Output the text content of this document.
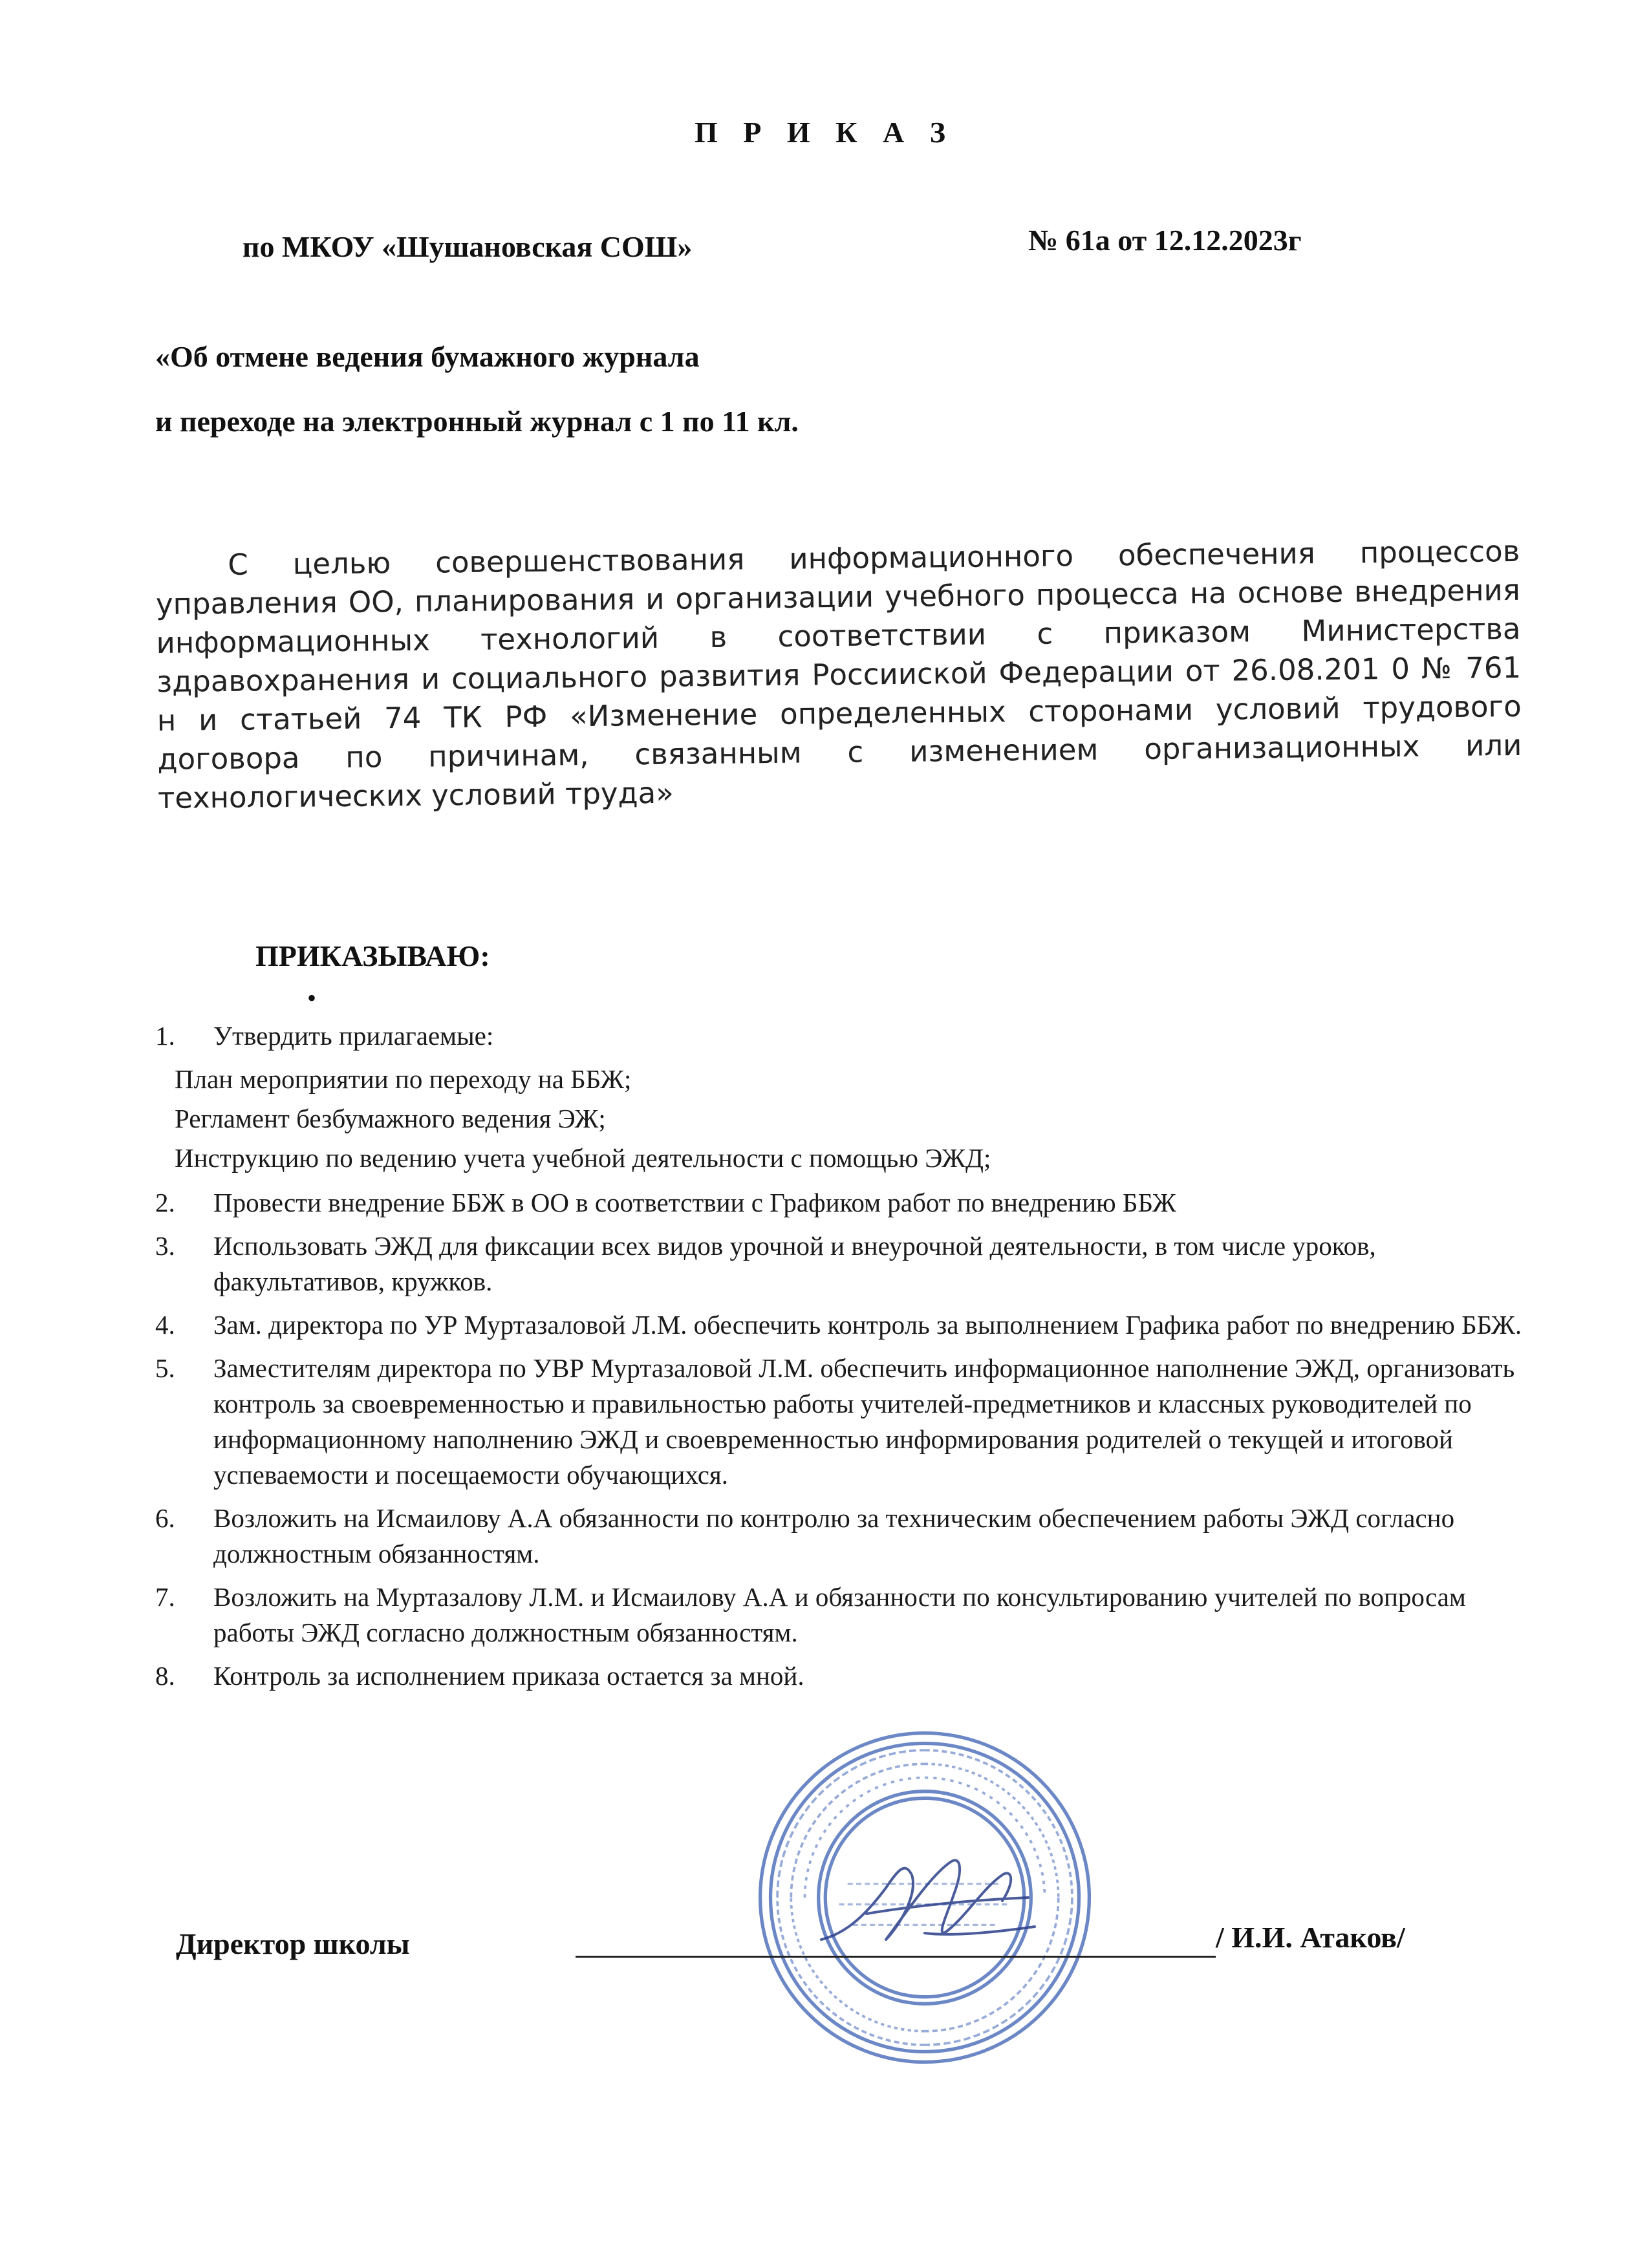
П Р И К А З
по МКОУ «Шушановская СОШ»	№ 61а от 12.12.2023г
«Об отмене ведения бумажного журнала
и переходе на электронный журнал с 1 по 11 кл.
С целью совершенствования информационного обеспечения процессов управления ОО, планирования и организации учебного процесса на основе внедрения информационных технологий в соответствии с приказом Министерства здравохранения и социального развития Россииской Федерации от 26.08.201 0 № 761 н и статьей 74 ТК РФ «Изменение определенных сторонами условий трудового договора по причинам, связанным с изменением организационных или технологических условий труда»
ПРИКАЗЫВАЮ:
•
1.	Утвердить прилагаемые:
План мероприятии по переходу на ББЖ;
Регламент безбумажного ведения ЭЖ;
Инструкцию по ведению учета учебной деятельности с помощью ЭЖД;
2.	Провести внедрение ББЖ в ОО в соответствии с Графиком работ по внедрению ББЖ
3.	Использовать ЭЖД для фиксации всех видов урочной и внеурочной деятельности, в том числе уроков, факультативов, кружков.
4.	Зам. директора по УР Муртазаловой Л.М. обеспечить контроль за выполнением Графика работ по внедрению ББЖ.
5.	Заместителям директора по УВР Муртазаловой Л.М. обеспечить информационное наполнение ЭЖД, организовать контроль за своевременностью и правильностью работы учителей-предметников и классных руководителей по информационному наполнению ЭЖД и своевременностью информирования родителей о текущей и итоговой успеваемости и посещаемости обучающихся.
6.	Возложить на Исмаилову А.А обязанности по контролю за техническим обеспечением работы ЭЖД согласно должностным обязанностям.
7.	Возложить на Муртазалову Л.М. и Исмаилову А.А и обязанности по консультированию учителей по вопросам работы ЭЖД согласно должностным обязанностям.
8.	Контроль за исполнением приказа остается за мной.
Директор школы	/ И.И. Атаков/
